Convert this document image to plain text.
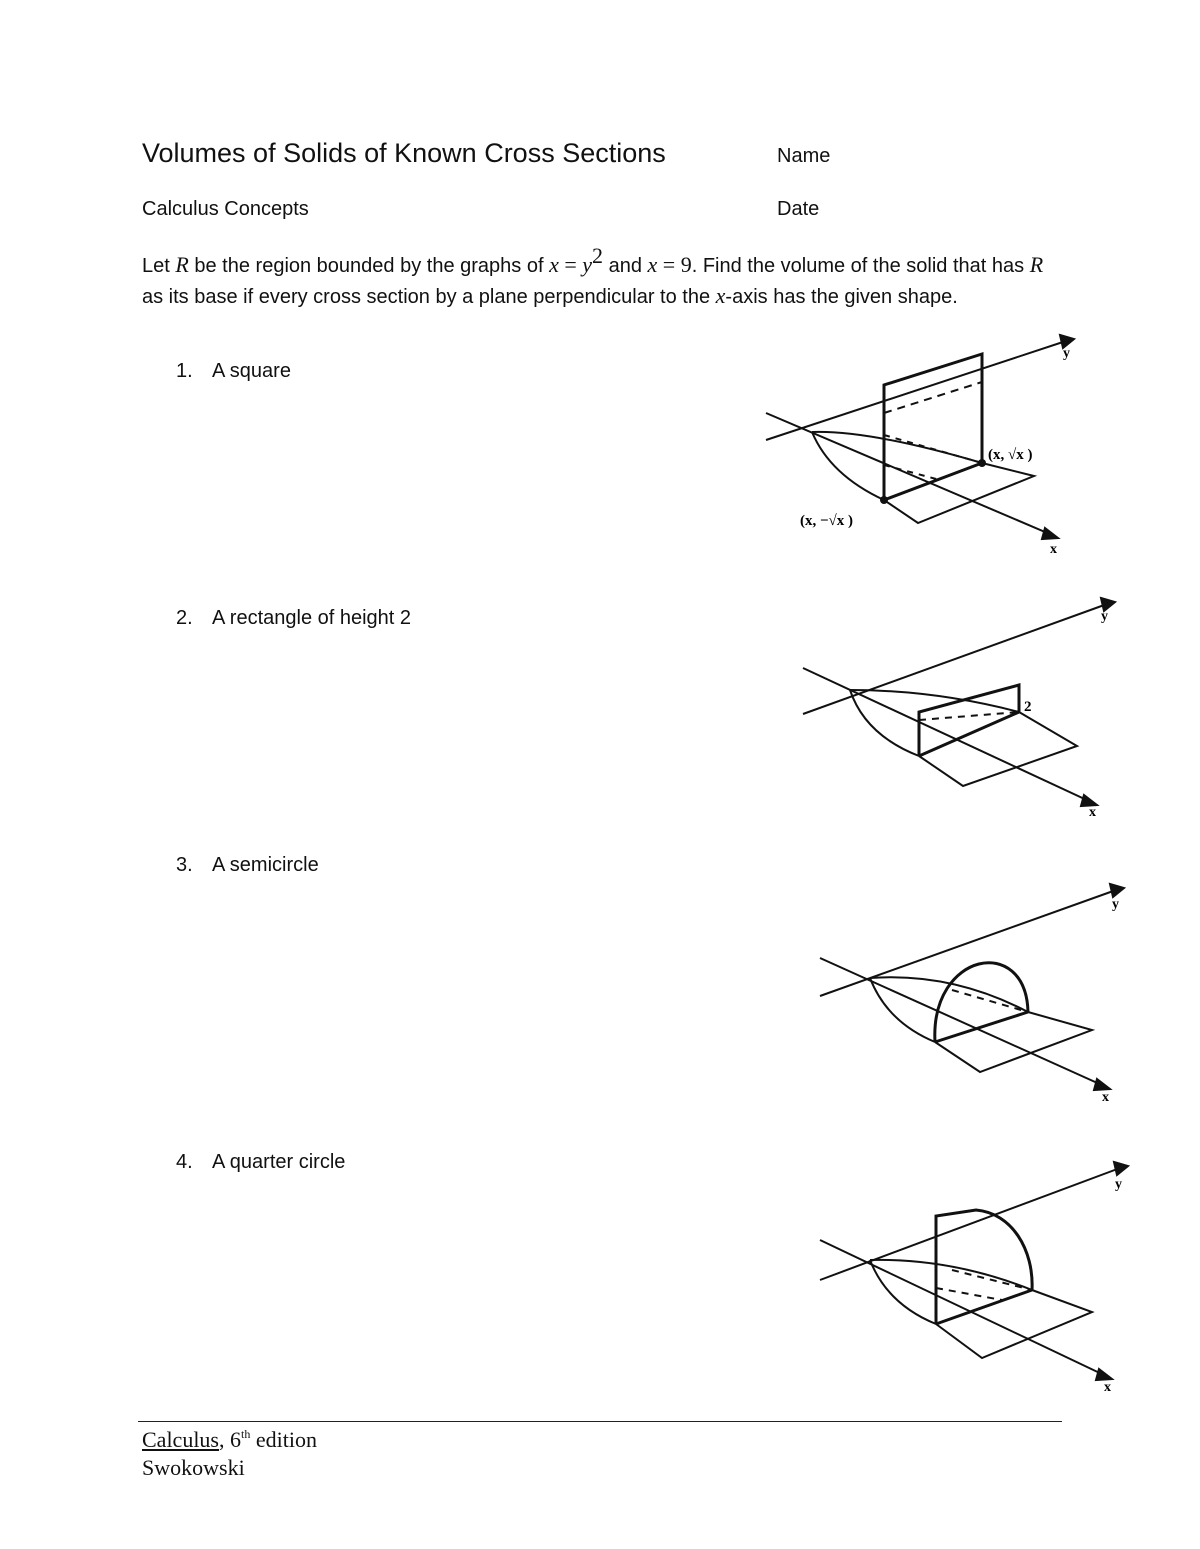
Volumes of Solids of Known Cross Sections	Name
Calculus Concepts	Date
Let R be the region bounded by the graphs of $x = y^2$ and x = 9. Find the volume of the solid that has R as its base if every cross section by a plane perpendicular to the x-axis has the given shape.
1. A square
2. A rectangle of height 2
3. A semicircle
4. A quarter circle
y
x
(x, √x )
(x, −√x )
y
x
2
y
x
y
x
Calculus, 6th edition
Swokowski
